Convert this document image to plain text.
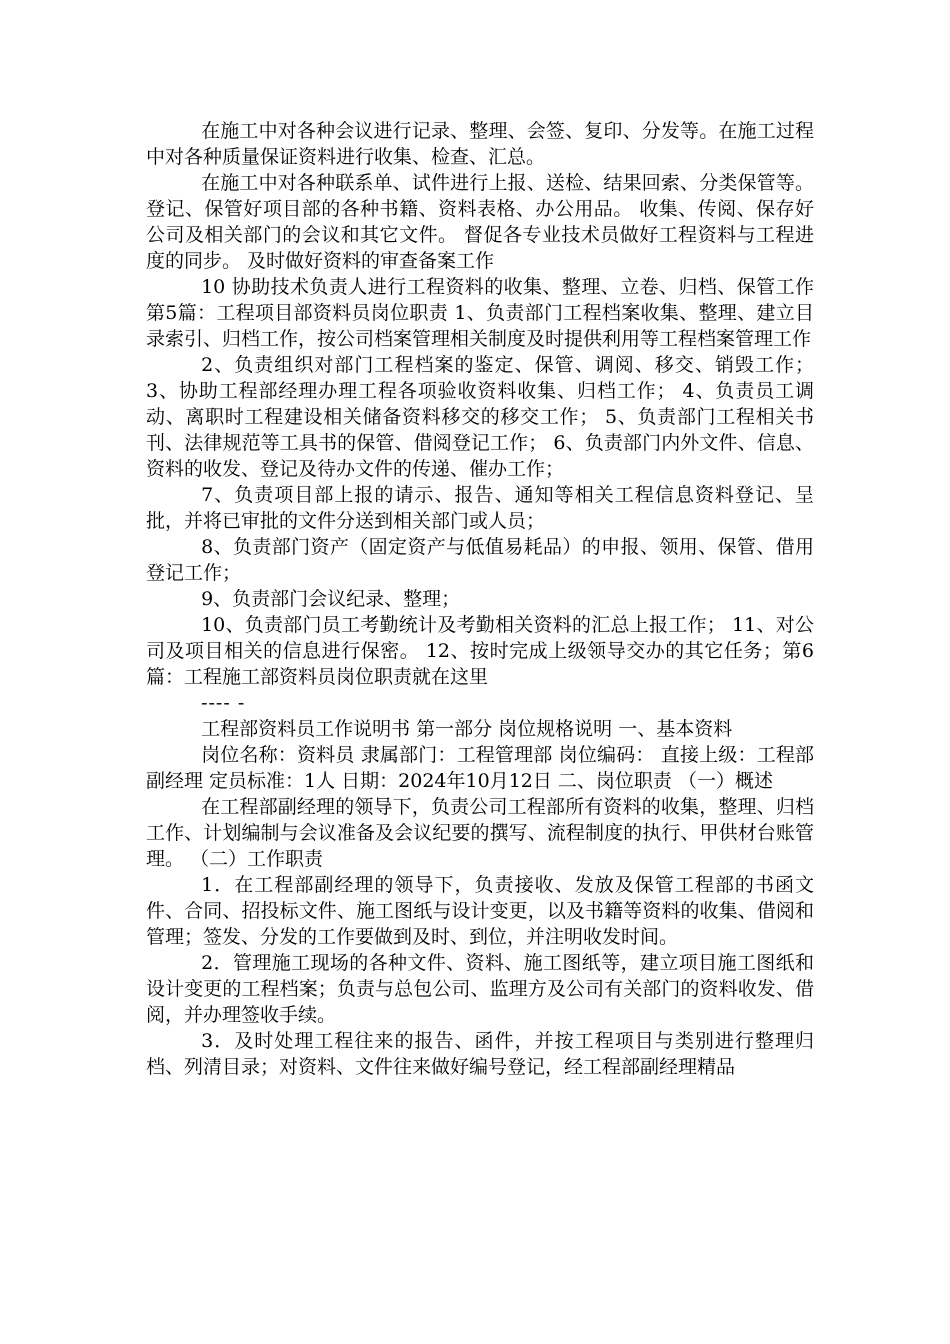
在施工中对各种会议进行记录、整理、会签、复印、分发等。在施工过程中对各种质量保证资料进行收集、检查、汇总。

在施工中对各种联系单、试件进行上报、送检、结果回索、分类保管等。 登记、保管好项目部的各种书籍、资料表格、办公用品。 收集、传阅、保存好公司及相关部门的会议和其它文件。 督促各专业技术员做好工程资料与工程进度的同步。 及时做好资料的审查备案工作

10 协助技术负责人进行工程资料的收集、整理、立卷、归档、保管工作第5篇：工程项目部资料员岗位职责 1、负责部门工程档案收集、整理、建立目录索引、归档工作，按公司档案管理相关制度及时提供利用等工程档案管理工作

2、负责组织对部门工程档案的鉴定、保管、调阅、移交、销毁工作； 3、协助工程部经理办理工程各项验收资料收集、归档工作； 4、负责员工调动、离职时工程建设相关储备资料移交的移交工作； 5、负责部门工程相关书刊、法律规范等工具书的保管、借阅登记工作； 6、负责部门内外文件、信息、资料的收发、登记及待办文件的传递、催办工作；

7、负责项目部上报的请示、报告、通知等相关工程信息资料登记、呈批，并将已审批的文件分送到相关部门或人员；

8、负责部门资产（固定资产与低值易耗品）的申报、领用、保管、借用登记工作；

9、负责部门会议纪录、整理；

10、负责部门员工考勤统计及考勤相关资料的汇总上报工作； 11、对公司及项目相关的信息进行保密。 12、按时完成上级领导交办的其它任务；第6篇：工程施工部资料员岗位职责就在这里

---- -

工程部资料员工作说明书 第一部分 岗位规格说明 一、基本资料

岗位名称：资料员 隶属部门：工程管理部 岗位编码： 直接上级：工程部副经理 定员标准：1人 日期：2024年10月12日 二、岗位职责 （一）概述

在工程部副经理的领导下，负责公司工程部所有资料的收集，整理、归档工作、计划编制与会议准备及会议纪要的撰写、流程制度的执行、甲供材台账管理。 （二）工作职责

1．在工程部副经理的领导下，负责接收、发放及保管工程部的书函文件、合同、招投标文件、施工图纸与设计变更，以及书籍等资料的收集、借阅和管理；签发、分发的工作要做到及时、到位，并注明收发时间。

2．管理施工现场的各种文件、资料、施工图纸等，建立项目施工图纸和设计变更的工程档案；负责与总包公司、监理方及公司有关部门的资料收发、借阅，并办理签收手续。

3．及时处理工程往来的报告、函件，并按工程项目与类别进行整理归档、列清目录；对资料、文件往来做好编号登记，经工程部副经理精品
